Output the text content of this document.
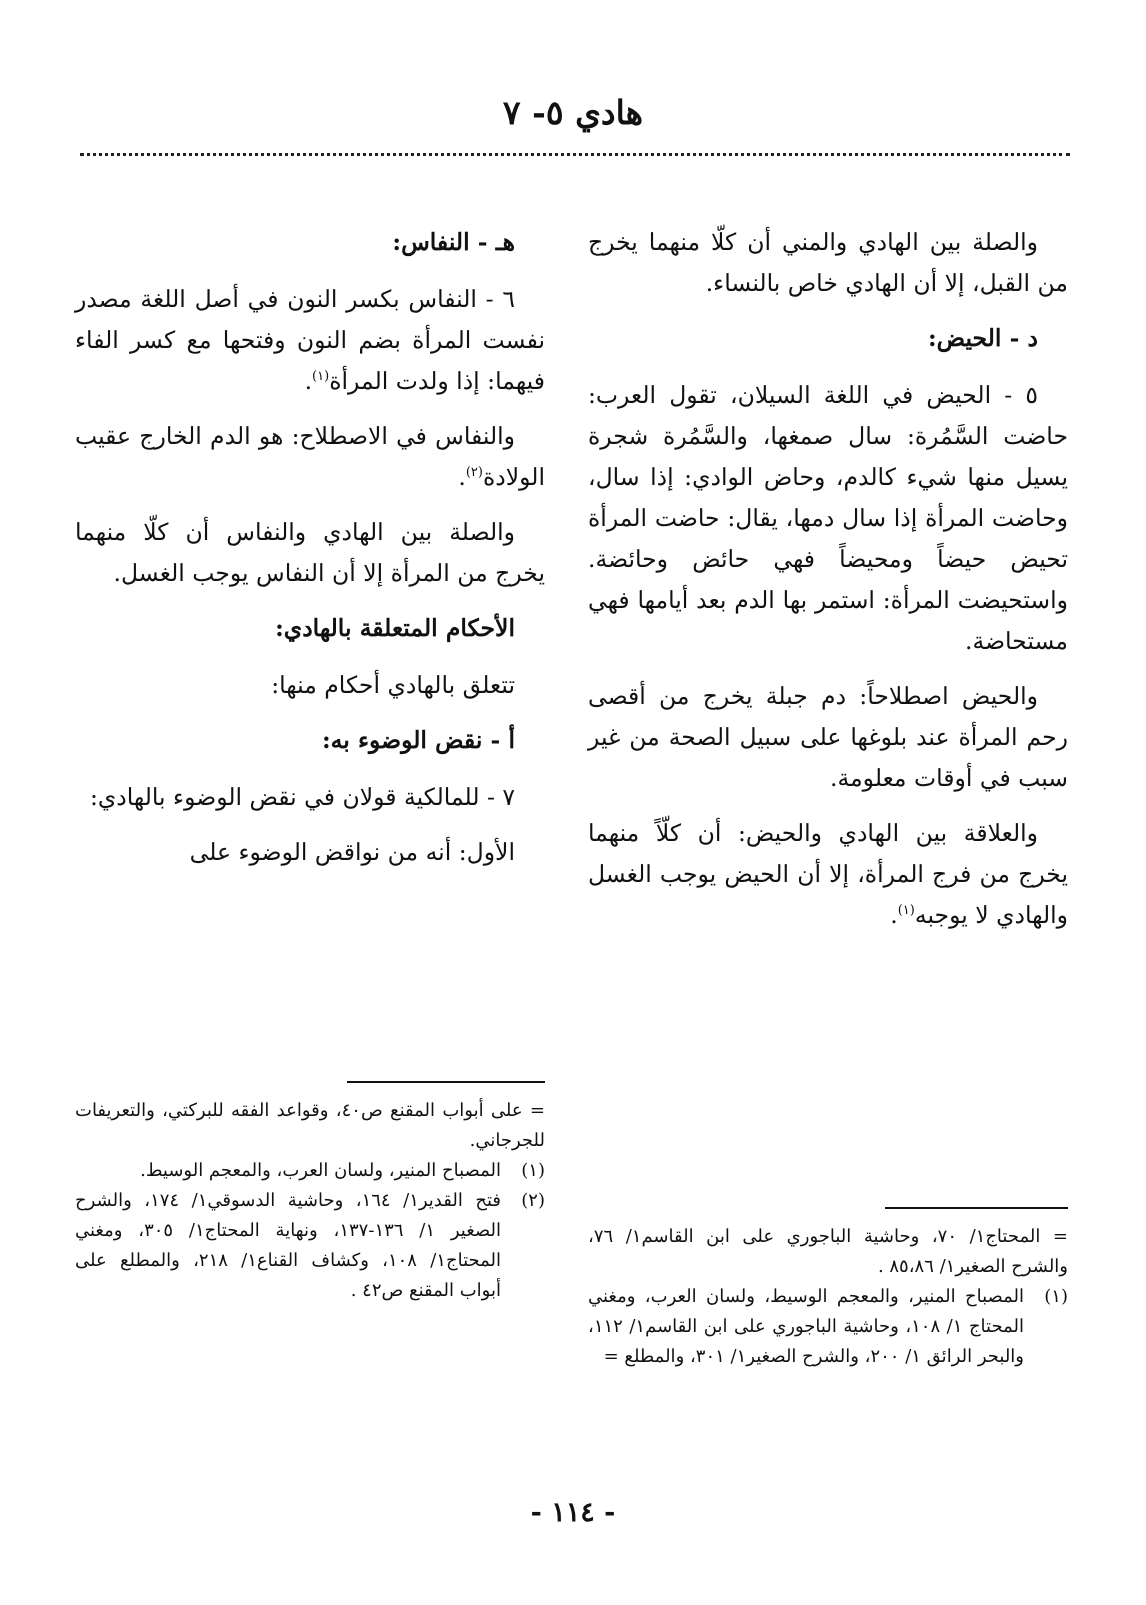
هادي ٥- ٧

والصلة بين الهادي والمني أن كلّا منهما يخرج من القبل، إلا أن الهادي خاص بالنساء.

د - الحيض:

٥ - الحيض في اللغة السيلان، تقول العرب: حاضت السَّمُرة: سال صمغها، والسَّمُرة شجرة يسيل منها شيء كالدم، وحاض الوادي: إذا سال، وحاضت المرأة إذا سال دمها، يقال: حاضت المرأة تحيض حيضاً ومحيضاً فهي حائض وحائضة. واستحيضت المرأة: استمر بها الدم بعد أيامها فهي مستحاضة.

والحيض اصطلاحاً: دم جبلة يخرج من أقصى رحم المرأة عند بلوغها على سبيل الصحة من غير سبب في أوقات معلومة.

والعلاقة بين الهادي والحيض: أن كلّاً منهما يخرج من فرج المرأة، إلا أن الحيض يوجب الغسل والهادي لا يوجبه$^{(١)}$.

هـ - النفاس:

٦ - النفاس بكسر النون في أصل اللغة مصدر نفست المرأة بضم النون وفتحها مع كسر الفاء فيهما: إذا ولدت المرأة$^{(١)}$.

والنفاس في الاصطلاح: هو الدم الخارج عقيب الولادة$^{(٢)}$.

والصلة بين الهادي والنفاس أن كلّا منهما يخرج من المرأة إلا أن النفاس يوجب الغسل.

الأحكام المتعلقة بالهادي:

تتعلق بالهادي أحكام منها:

أ - نقض الوضوء به:

٧ - للمالكية قولان في نقض الوضوء بالهادي:

الأول: أنه من نواقض الوضوء على

= المحتاج١/ ٧٠، وحاشية الباجوري على ابن القاسم١/ ٧٦، والشرح الصغير١/ ٨٥،٨٦ .

(١)
المصباح المنير، والمعجم الوسيط، ولسان العرب، ومغني المحتاج ١/ ١٠٨، وحاشية الباجوري على ابن القاسم١/ ١١٢، والبحر الرائق ١/ ٢٠٠، والشرح الصغير١/ ٣٠١، والمطلع =

= على أبواب المقنع ص٤٠، وقواعد الفقه للبركتي، والتعريفات للجرجاني.

(١)
المصباح المنير، ولسان العرب، والمعجم الوسيط.

(٢)
فتح القدير١/ ١٦٤، وحاشية الدسوقي١/ ١٧٤، والشرح الصغير ١/ ١٣٦-١٣٧، ونهاية المحتاج١/ ٣٠٥، ومغني المحتاج١/ ١٠٨، وكشاف القناع١/ ٢١٨، والمطلع على أبواب المقنع ص٤٢ .

- ١١٤ -
